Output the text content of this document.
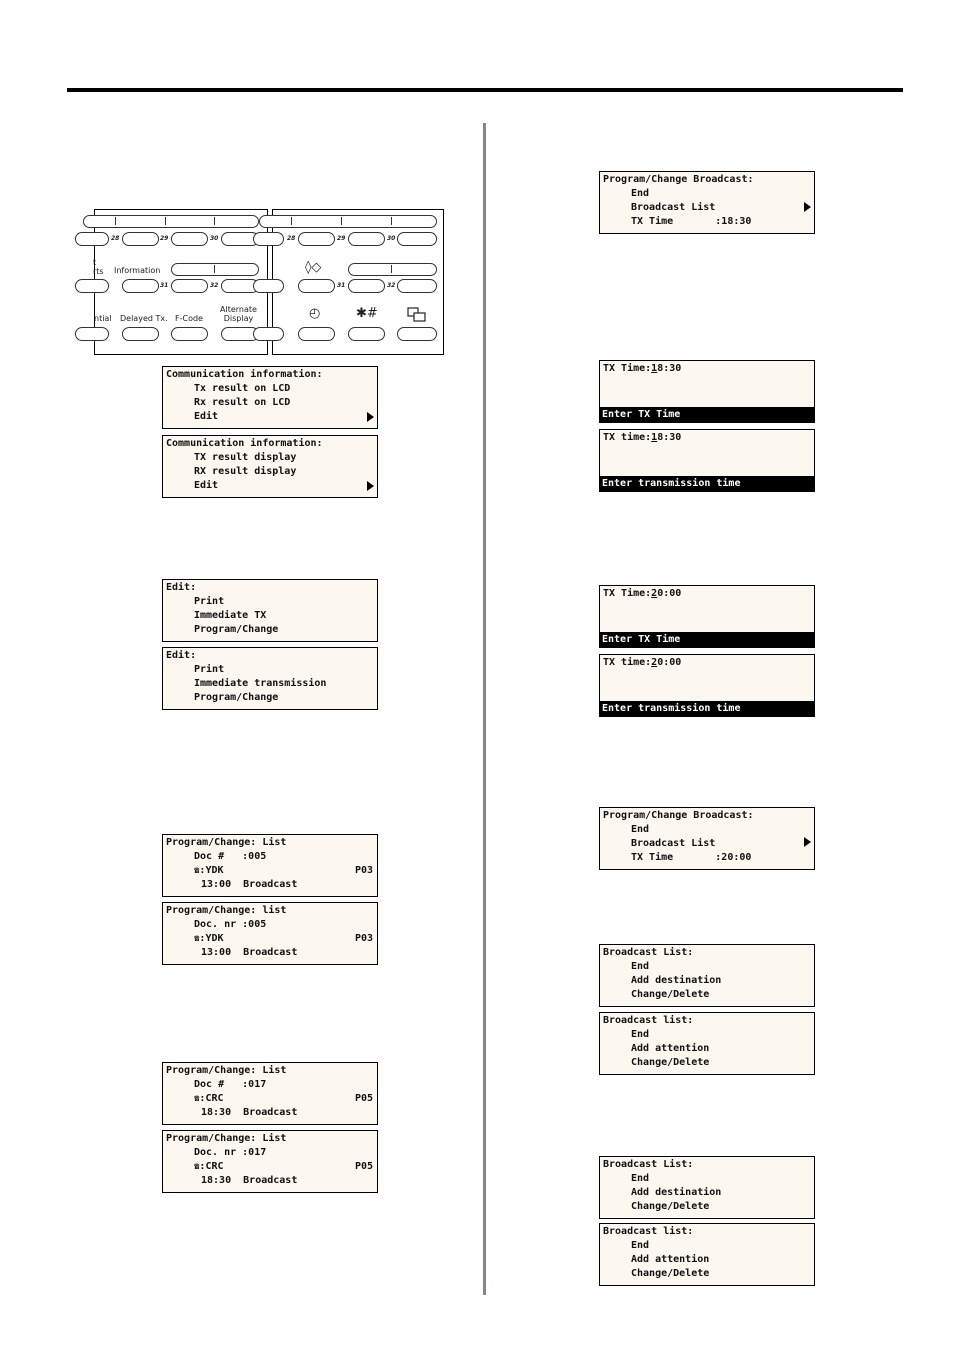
28	29	30
t
rts Information
31	32
ntial Delayed Tx. F-Code
Alternate
Display
28	29	30
◊◇
31	32
◴	✱#
Communication information:
Tx result on LCD
Rx result on LCD
Edit
Communication information:
TX result display
RX result display
Edit
Edit:
Print
Immediate TX
Program/Change
Edit:
Print
Immediate transmission
Program/Change
Program/Change: List
Doc #   :005
☎:YDK	P03
13:00 Broadcast
Program/Change: list
Doc. nr :005
☎:YDK	P03
13:00 Broadcast
Program/Change: List
Doc #   :017
☎:CRC	P05
18:30 Broadcast
Program/Change: List
Doc. nr :017
☎:CRC	P05
18:30 Broadcast
Program/Change Broadcast:
End
Broadcast List
TX Time       :18:30
TX Time:18:30
Enter TX Time
TX time:18:30
Enter transmission time
TX Time:20:00
Enter TX Time
TX time:20:00
Enter transmission time
Program/Change Broadcast:
End
Broadcast List
TX Time       :20:00
Broadcast List:
End
Add destination
Change/Delete
Broadcast list:
End
Add attention
Change/Delete
Broadcast List:
End
Add destination
Change/Delete
Broadcast list:
End
Add attention
Change/Delete
